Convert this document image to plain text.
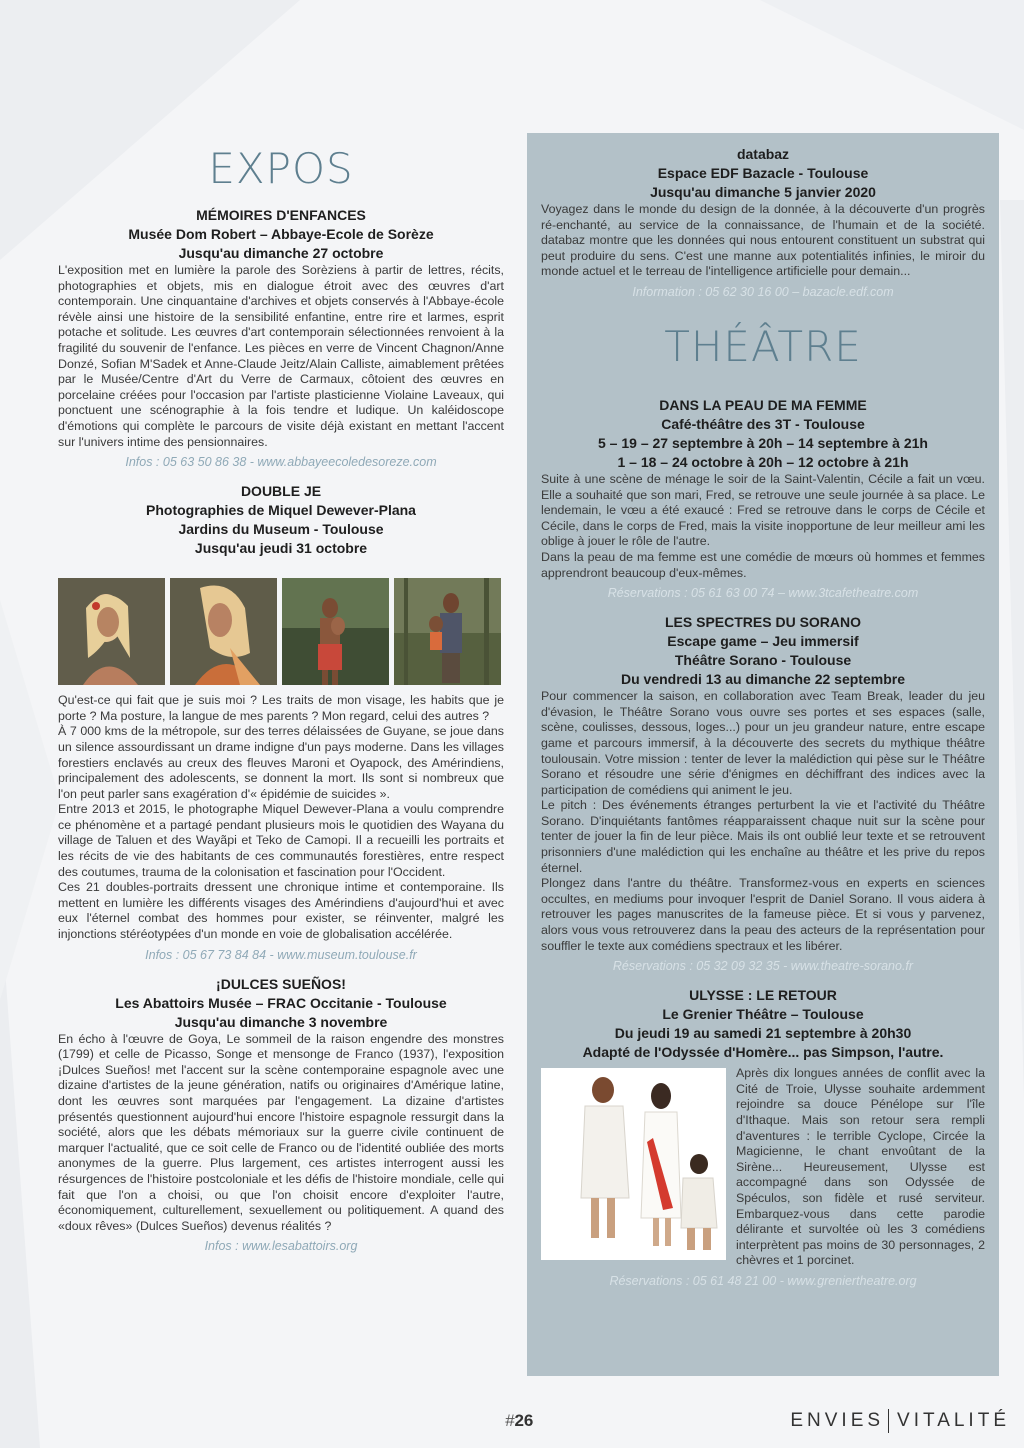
EXPOS
MÉMOIRES D'ENFANCES
Musée Dom Robert – Abbaye-Ecole de Sorèze
Jusqu'au dimanche 27 octobre

L'exposition met en lumière la parole des Sorèziens à partir de lettres, récits, photographies et objets, mis en dialogue étroit avec des œuvres d'art contemporain. Une cinquantaine d'archives et objets conservés à l'Abbaye-école révèle ainsi une histoire de la sensibilité enfantine, entre rire et larmes, esprit potache et solitude. Les œuvres d'art contemporain sélectionnées renvoient à la fragilité du souvenir de l'enfance. Les pièces en verre de Vincent Chagnon/Anne Donzé, Sofian M'Sadek et Anne-Claude Jeitz/Alain Calliste, aimablement prêtées par le Musée/Centre d'Art du Verre de Carmaux, côtoient des œuvres en porcelaine créées pour l'occasion par l'artiste plasticienne Violaine Laveaux, qui ponctuent une scénographie à la fois tendre et ludique. Un kaléidoscope d'émotions qui complète le parcours de visite déjà existant en mettant l'accent sur l'univers intime des pensionnaires.

Infos : 05 63 50 86 38 - www.abbayeecoledesoreze.com
DOUBLE JE
Photographies de Miquel Dewever-Plana
Jardins du Museum - Toulouse
Jusqu'au jeudi 31 octobre

Qu'est-ce qui fait que je suis moi ? Les traits de mon visage, les habits que je porte ? Ma posture, la langue de mes parents ? Mon regard, celui des autres ?

À 7 000 kms de la métropole, sur des terres délaissées de Guyane, se joue dans un silence assourdissant un drame indigne d'un pays moderne. Dans les villages forestiers enclavés au creux des fleuves Maroni et Oyapock, des Amérindiens, principalement des adolescents, se donnent la mort. Ils sont si nombreux que l'on peut parler sans exagération d'« épidémie de suicides ».

Entre 2013 et 2015, le photographe Miquel Dewever-Plana a voulu comprendre ce phénomène et a partagé pendant plusieurs mois le quotidien des Wayana du village de Taluen et des Wayãpi et Teko de Camopi. Il a recueilli les portraits et les récits de vie des habitants de ces communautés forestières, entre respect des coutumes, trauma de la colonisation et fascination pour l'Occident.

Ces 21 doubles-portraits dressent une chronique intime et contemporaine. Ils mettent en lumière les différents visages des Amérindiens d'aujourd'hui et avec eux l'éternel combat des hommes pour exister, se réinventer, malgré les injonctions stéréotypées d'un monde en voie de globalisation accélérée.

Infos : 05 67 73 84 84 - www.museum.toulouse.fr
¡DULCES SUEÑOS!
Les Abattoirs Musée – FRAC Occitanie - Toulouse
Jusqu'au dimanche 3 novembre

En écho à l'œuvre de Goya, Le sommeil de la raison engendre des monstres (1799) et celle de Picasso, Songe et mensonge de Franco (1937), l'exposition ¡Dulces Sueños! met l'accent sur la scène contemporaine espagnole avec une dizaine d'artistes de la jeune génération, natifs ou originaires d'Amérique latine, dont les œuvres sont marquées par l'engagement. La dizaine d'artistes présentés questionnent aujourd'hui encore l'histoire espagnole ressurgit dans la société, alors que les débats mémoriaux sur la guerre civile continuent de marquer l'actualité, que ce soit celle de Franco ou de l'identité oubliée des morts anonymes de la guerre. Plus largement, ces artistes interrogent aussi les résurgences de l'histoire postcoloniale et les défis de l'histoire mondiale, celle qui fait que l'on a choisi, ou que l'on choisit encore d'exploiter l'autre, économiquement, culturellement, sexuellement ou politiquement. A quand des «doux rêves» (Dulces Sueños) devenus réalités ?

Infos : www.lesabattoirs.org
databaz
Espace EDF Bazacle - Toulouse
Jusqu'au dimanche 5 janvier 2020

Voyagez dans le monde du design de la donnée, à la découverte d'un progrès ré-enchanté, au service de la connaissance, de l'humain et de la société. databaz montre que les données qui nous entourent constituent un substrat qui peut produire du sens. C'est une manne aux potentialités infinies, le miroir du monde actuel et le terreau de l'intelligence artificielle pour demain...

Information : 05 62 30 16 00 – bazacle.edf.com
THÉÂTRE
DANS LA PEAU DE MA FEMME
Café-théâtre des 3T - Toulouse
5 – 19 – 27 septembre à 20h – 14 septembre à 21h
1 – 18 – 24 octobre à 20h – 12 octobre à 21h

Suite à une scène de ménage le soir de la Saint-Valentin, Cécile a fait un vœu. Elle a souhaité que son mari, Fred, se retrouve une seule journée à sa place. Le lendemain, le vœu a été exaucé : Fred se retrouve dans le corps de Cécile et Cécile, dans le corps de Fred, mais la visite inopportune de leur meilleur ami les oblige à jouer le rôle de l'autre.

Dans la peau de ma femme est une comédie de mœurs où hommes et femmes apprendront beaucoup d'eux-mêmes.

Réservations : 05 61 63 00 74 – www.3tcafetheatre.com
LES SPECTRES DU SORANO
Escape game – Jeu immersif
Théâtre Sorano - Toulouse
Du vendredi 13 au dimanche 22 septembre

Pour commencer la saison, en collaboration avec Team Break, leader du jeu d'évasion, le Théâtre Sorano vous ouvre ses portes et ses espaces (salle, scène, coulisses, dessous, loges...) pour un jeu grandeur nature, entre escape game et parcours immersif, à la découverte des secrets du mythique théâtre toulousain. Votre mission : tenter de lever la malédiction qui pèse sur le Théâtre Sorano et résoudre une série d'énigmes en déchiffrant des indices avec la participation de comédiens qui animent le jeu.

Le pitch : Des événements étranges perturbent la vie et l'activité du Théâtre Sorano. D'inquiétants fantômes réapparaissent chaque nuit sur la scène pour tenter de jouer la fin de leur pièce. Mais ils ont oublié leur texte et se retrouvent prisonniers d'une malédiction qui les enchaîne au théâtre et les prive du repos éternel.

Plongez dans l'antre du théâtre. Transformez-vous en experts en sciences occultes, en mediums pour invoquer l'esprit de Daniel Sorano. Il vous aidera à retrouver les pages manuscrites de la fameuse pièce. Et si vous y parvenez, alors vous vous retrouverez dans la peau des acteurs de la représentation pour souffler le texte aux comédiens spectraux et les libérer.

Réservations : 05 32 09 32 35 - www.theatre-sorano.fr
ULYSSE : LE RETOUR
Le Grenier Théâtre – Toulouse
Du jeudi 19 au samedi 21 septembre à 20h30
Adapté de l'Odyssée d'Homère... pas Simpson, l'autre.

Après dix longues années de conflit avec la Cité de Troie, Ulysse souhaite ardemment rejoindre sa douce Pénélope sur l'île d'Ithaque. Mais son retour sera rempli d'aventures : le terrible Cyclope, Circée la Magicienne, le chant envoûtant de la Sirène... Heureusement, Ulysse est accompagné dans son Odyssée de Spéculos, son fidèle et rusé serviteur. Embarquez-vous dans cette parodie délirante et survoltée où les 3 comédiens interprètent pas moins de 30 personnages, 2 chèvres et 1 porcinet.

Réservations : 05 61 48 21 00 - www.greniertheatre.org
#26	ENVIES VITALITÉ
